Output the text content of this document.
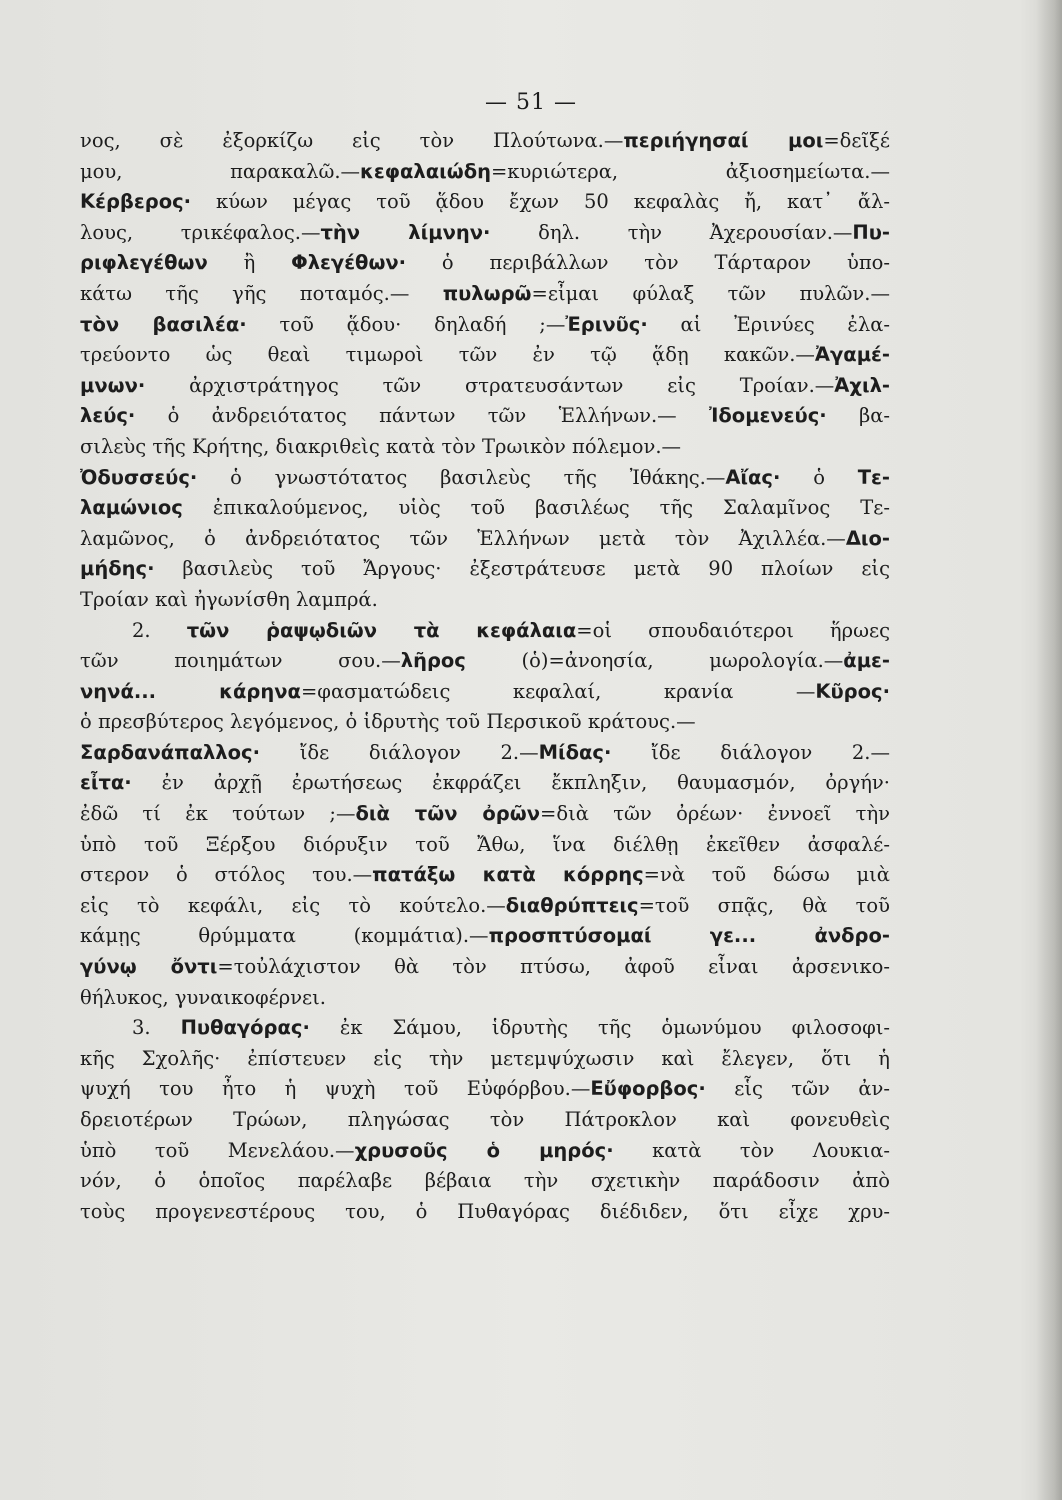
— 51 —
νος, σὲ ἐξορκίζω εἰς τὸν Πλούτωνα.—περιήγησαί μοι=δεῖξέ
μου, παρακαλῶ.—κεφαλαιώδη=κυριώτερα, ἀξιοσημείωτα.—
Κέρβερος· κύων μέγας τοῦ ᾅδου ἔχων 50 κεφαλὰς ἤ, κατ᾽ ἄλ-
λους, τρικέφαλος.—τὴν λίμνην· δηλ. τὴν Ἀχερουσίαν.—Πυ-
ριφλεγέθων ἢ Φλεγέθων· ὁ περιβάλλων τὸν Τάρταρον ὑπο-
κάτω τῆς γῆς ποταμός.— πυλωρῶ=εἶμαι φύλαξ τῶν πυλῶν.—
τὸν βασιλέα· τοῦ ᾅδου· δηλαδή ;—Ἐρινῦς· αἱ Ἐρινύες ἐλα-
τρεύοντο ὡς θεαὶ τιμωροὶ τῶν ἐν τῷ ᾅδῃ κακῶν.—Ἀγαμέ-
μνων· ἀρχιστράτηγος τῶν στρατευσάντων εἰς Τροίαν.—Ἀχιλ-
λεύς· ὁ ἀνδρειότατος πάντων τῶν Ἑλλήνων.— Ἰδομενεύς· βα-
σιλεὺς τῆς Κρήτης, διακριθεὶς κατὰ τὸν Τρωικὸν πόλεμον.—
Ὀδυσσεύς· ὁ γνωστότατος βασιλεὺς τῆς Ἰθάκης.—Αἴας· ὁ Τε-
λαμώνιος ἐπικαλούμενος, υἱὸς τοῦ βασιλέως τῆς Σαλαμῖνος Τε-
λαμῶνος, ὁ ἀνδρειότατος τῶν Ἑλλήνων μετὰ τὸν Ἀχιλλέα.—Διο-
μήδης· βασιλεὺς τοῦ Ἄργους· ἐξεστράτευσε μετὰ 90 πλοίων εἰς
Τροίαν καὶ ἠγωνίσθη λαμπρά.
2. τῶν ῥαψῳδιῶν τὰ κεφάλαια=οἱ σπουδαιότεροι ἥρωες
τῶν ποιημάτων σου.—λῆρος (ὁ)=ἀνοησία, μωρολογία.—ἀμε-
νηνά... κάρηνα=φασματώδεις κεφαλαί, κρανία —Κῦρος·
ὁ πρεσβύτερος λεγόμενος, ὁ ἱδρυτὴς τοῦ Περσικοῦ κράτους.—
Σαρδανάπαλλος· ἴδε διάλογον 2.—Μίδας· ἴδε διάλογον 2.—
εἶτα· ἐν ἀρχῇ ἐρωτήσεως ἐκφράζει ἔκπληξιν, θαυμασμόν, ὀργήν·
ἐδῶ τί ἐκ τούτων ;—διὰ τῶν ὀρῶν=διὰ τῶν ὀρέων· ἐννοεῖ τὴν
ὑπὸ τοῦ Ξέρξου διόρυξιν τοῦ Ἄθω, ἵνα διέλθῃ ἐκεῖθεν ἀσφαλέ-
στερον ὁ στόλος του.—πατάξω κατὰ κόρρης=νὰ τοῦ δώσω μιὰ
εἰς τὸ κεφάλι, εἰς τὸ κούτελο.—διαθρύπτεις=τοῦ σπᾷς, θὰ τοῦ
κάμῃς θρύμματα (κομμάτια).—προσπτύσομαί γε... ἀνδρο-
γύνῳ ὄντι=τοὐλάχιστον θὰ τὸν πτύσω, ἀφοῦ εἶναι ἀρσενικο-
θήλυκος, γυναικοφέρνει.
3. Πυθαγόρας· ἐκ Σάμου, ἱδρυτὴς τῆς ὁμωνύμου φιλοσοφι-
κῆς Σχολῆς· ἐπίστευεν εἰς τὴν μετεμψύχωσιν καὶ ἔλεγεν, ὅτι ἡ
ψυχή του ἦτο ἡ ψυχὴ τοῦ Εὐφόρβου.—Εὔφορβος· εἷς τῶν ἀν-
δρειοτέρων Τρώων, πληγώσας τὸν Πάτροκλον καὶ φονευθεὶς
ὑπὸ τοῦ Μενελάου.—χρυσοῦς ὁ μηρός· κατὰ τὸν Λουκια-
νόν, ὁ ὁποῖος παρέλαβε βέβαια τὴν σχετικὴν παράδοσιν ἀπὸ
τοὺς προγενεστέρους του, ὁ Πυθαγόρας διέδιδεν, ὅτι εἶχε χρυ-
